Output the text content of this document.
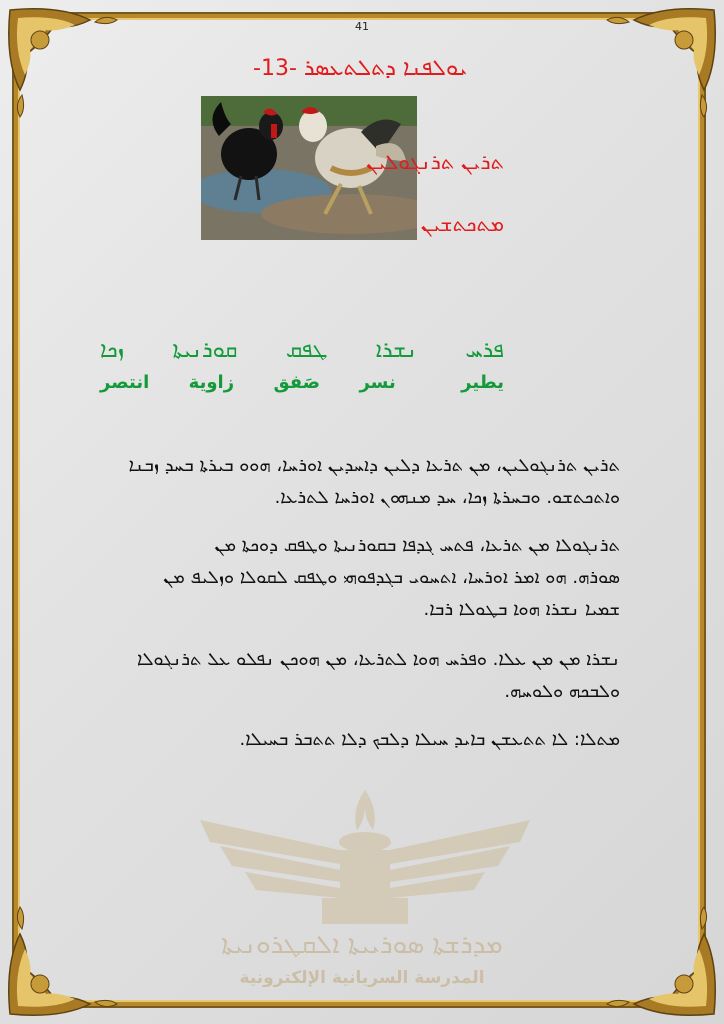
41
ܝܘܠܦܢܐ ܕܬܠܬܥܣܪ -13-
ܬܪܝܢ ܬܪܢܓܘܠܝܢ
ܡܬܟܬܫܝܢ
ܦܪܚ
ܢܫܪܐ
ܛܦܩ
ܩܘܪܢܝܬܐ
ܙܟܐ
يطير
نسر
صَفق
زاوية
انتصر
ܬܪܝܢ ܬܪܢܓܘܠܝܢ، ܡܢ ܬܪܥܐ ܕܠܝܢ ܕܐܚܕܝܢ ܐܘܪܚܐ، ܗܘܘ ܒܝܪܬܐ ܒܚܕ ܙܒܢܐ
ܘܐܬܟܬܫܘ. ܘܒܚܪܬܐ ܙܟܐ، ܚܕ ܡܢܗܘܢ ܐܘܪܚܐ ܠܬܪܥܐ.
ܬܪܢܓܘܠܐ ܡܢ ܬܪܥܐ، ܦܬܚ ܓܕܦܐ ܒܩܘܪܢܝܬܐ ܘܛܦܩ ܕܘܟܬܐ ܡܢ
ܣܘܪܗ. ܗܘ ܐܡܪ ܐܘܪܚܐ، ܐܬܚܘܝ ܒܓܕܦܘܗܝ ܘܛܦܩ ܠܩܘܠܐ ܘܙܠܝܦ ܡܢ
ܫܡܝܐ ܢܫܪܐ ܗܘܐ ܒܛܘܠܐ ܪܒܐ.
ܢܫܪܐ ܡܢ ܡܢ ܥܠܐ. ܘܦܪܚ ܗܘܐ ܠܬܪܥܐ، ܡܢ ܗܘܟܢ ܢܦܠܘ ܥܠ ܬܪܢܓܘܠܐ
ܘܠܒܟܗ ܘܠܘܚܗ.
ܡܬܠܐ: ܠܐ ܬܬܥܫܢ ܒܐܝܕ ܚܝܠܐ ܕܠܒܟ ܕܠܐ ܬܬܒܪ ܒܚܝܠܐ.
ܡܕܪܫܬܐ ܣܘܪܝܝܬܐ ܐܠܩܛܪܘܢܝܬܐ
المدرسة السريانية الإلكترونية
